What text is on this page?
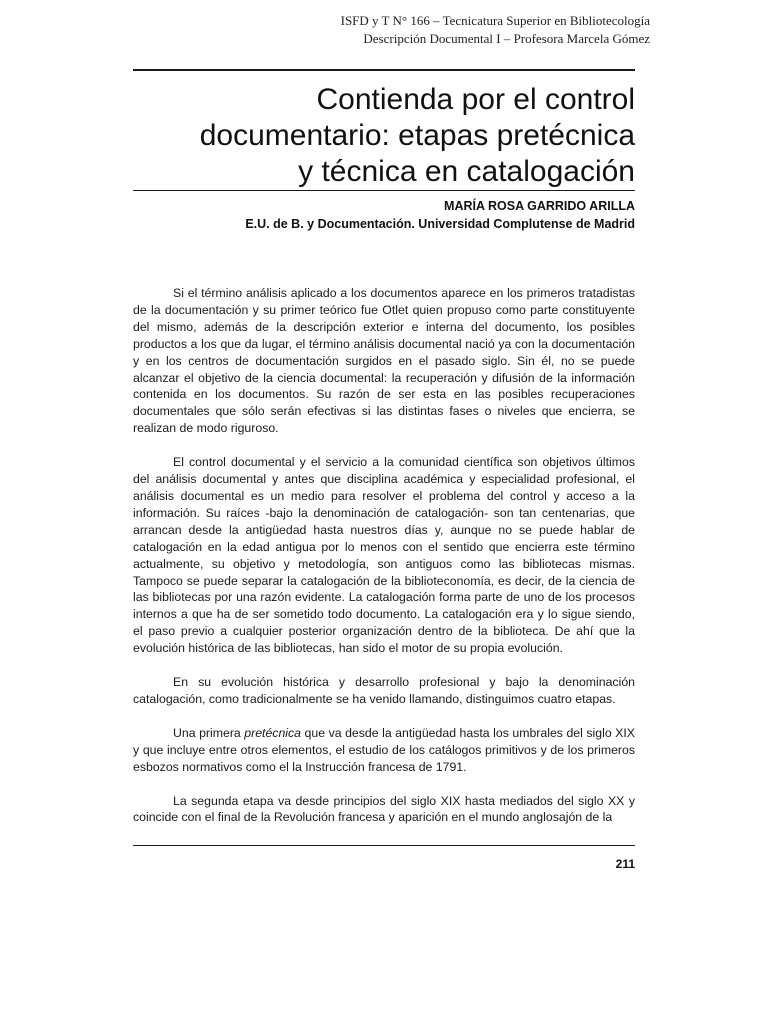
ISFD y T N° 166 – Tecnicatura Superior en Bibliotecología
Descripción Documental I – Profesora Marcela Gómez
Contienda por el control
documentario: etapas pretécnica
y técnica en catalogación
MARÍA ROSA GARRIDO ARILLA
E.U. de B. y Documentación. Universidad Complutense de Madrid

Si el término análisis aplicado a los documentos aparece en los primeros tratadistas de la documentación y su primer teórico fue Otlet quien propuso como parte constituyente del mismo, además de la descripción exterior e interna del documento, los posibles productos a los que da lugar, el término análisis documental nació ya con la documentación y en los centros de documentación surgidos en el pasado siglo. Sin él, no se puede alcanzar el objetivo de la ciencia documental: la recuperación y difusión de la información contenida en los documentos. Su razón de ser esta en las posibles recuperaciones documentales que sólo serán efectivas si las distintas fases o niveles que encierra, se realizan de modo riguroso.

El control documental y el servicio a la comunidad científica son objetivos últimos del análisis documental y antes que disciplina académica y especialidad profesional, el análisis documental es un medio para resolver el problema del control y acceso a la información. Su raíces -bajo la denominación de catalogación- son tan centenarias, que arrancan desde la antigüedad hasta nuestros días y, aunque no se puede hablar de catalogación en la edad antigua por lo menos con el sentido que encierra este término actualmente, su objetivo y metodología, son antiguos como las bibliotecas mismas. Tampoco se puede separar la catalogación de la biblioteconomía, es decir, de la ciencia de las bibliotecas por una razón evidente. La catalogación forma parte de uno de los procesos internos a que ha de ser sometido todo documento. La catalogación era y lo sigue siendo, el paso previo a cualquier posterior organización dentro de la biblioteca. De ahí que la evolución histórica de las bibliotecas, han sido el motor de su propia evolución.

En su evolución histórica y desarrollo profesional y bajo la denominación catalogación, como tradicionalmente se ha venido llamando, distinguimos cuatro etapas.

Una primera pretécnica que va desde la antigüedad hasta los umbrales del siglo XIX y que incluye entre otros elementos, el estudio de los catálogos primitivos y de los primeros esbozos normativos como el la Instrucción francesa de 1791.

La segunda etapa va desde principios del siglo XIX hasta mediados del siglo XX y coincide con el final de la Revolución francesa y aparición en el mundo anglosajón de la

211
